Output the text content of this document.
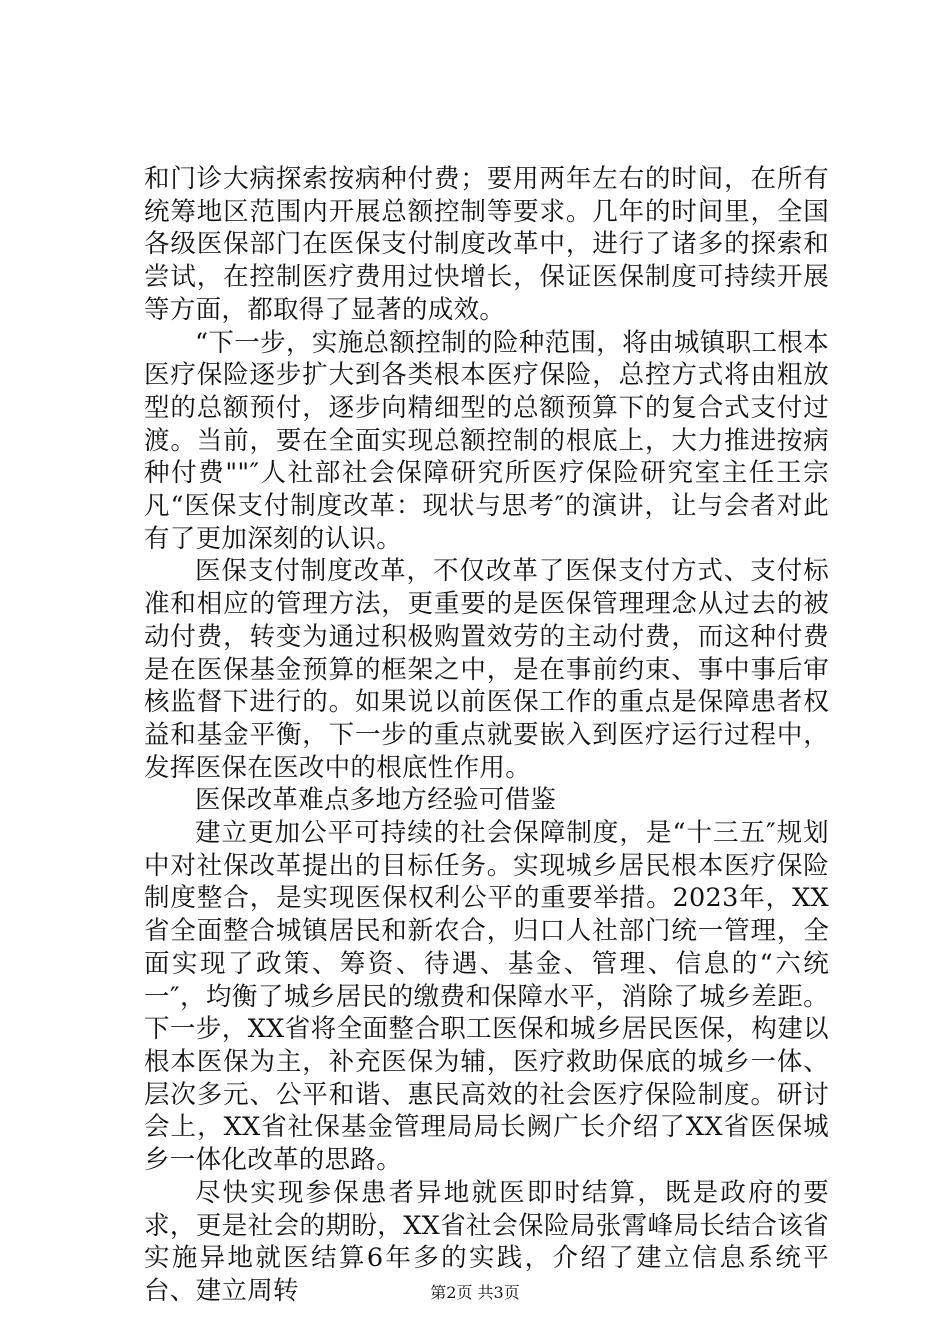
和门诊大病探索按病种付费；要用两年左右的时间，在所有统筹地区范围内开展总额控制等要求。几年的时间里，全国各级医保部门在医保支付制度改革中，进行了诸多的探索和尝试，在控制医疗费用过快增长，保证医保制度可持续开展等方面，都取得了显著的成效。

“下一步，实施总额控制的险种范围，将由城镇职工根本医疗保险逐步扩大到各类根本医疗保险，总控方式将由粗放型的总额预付，逐步向精细型的总额预算下的复合式支付过渡。当前，要在全面实现总额控制的根底上，大力推进按病种付费""″人社部社会保障研究所医疗保险研究室主任王宗凡“医保支付制度改革：现状与思考″的演讲，让与会者对此有了更加深刻的认识。

医保支付制度改革，不仅改革了医保支付方式、支付标准和相应的管理方法，更重要的是医保管理理念从过去的被动付费，转变为通过积极购置效劳的主动付费，而这种付费是在医保基金预算的框架之中，是在事前约束、事中事后审核监督下进行的。如果说以前医保工作的重点是保障患者权益和基金平衡，下一步的重点就要嵌入到医疗运行过程中，发挥医保在医改中的根底性作用。

医保改革难点多地方经验可借鉴

建立更加公平可持续的社会保障制度，是“十三五″规划中对社保改革提出的目标任务。实现城乡居民根本医疗保险制度整合，是实现医保权利公平的重要举措。2023年，XX省全面整合城镇居民和新农合，归口人社部门统一管理，全面实现了政策、筹资、待遇、基金、管理、信息的“六统一″，均衡了城乡居民的缴费和保障水平，消除了城乡差距。下一步，XX省将全面整合职工医保和城乡居民医保，构建以根本医保为主，补充医保为辅，医疗救助保底的城乡一体、层次多元、公平和谐、惠民高效的社会医疗保险制度。研讨会上，XX省社保基金管理局局长阙广长介绍了XX省医保城乡一体化改革的思路。

尽快实现参保患者异地就医即时结算，既是政府的要求，更是社会的期盼，XX省社会保险局张霄峰局长结合该省实施异地就医结算6年多的实践，介绍了建立信息系统平台、建立周转	第2页 共3页
